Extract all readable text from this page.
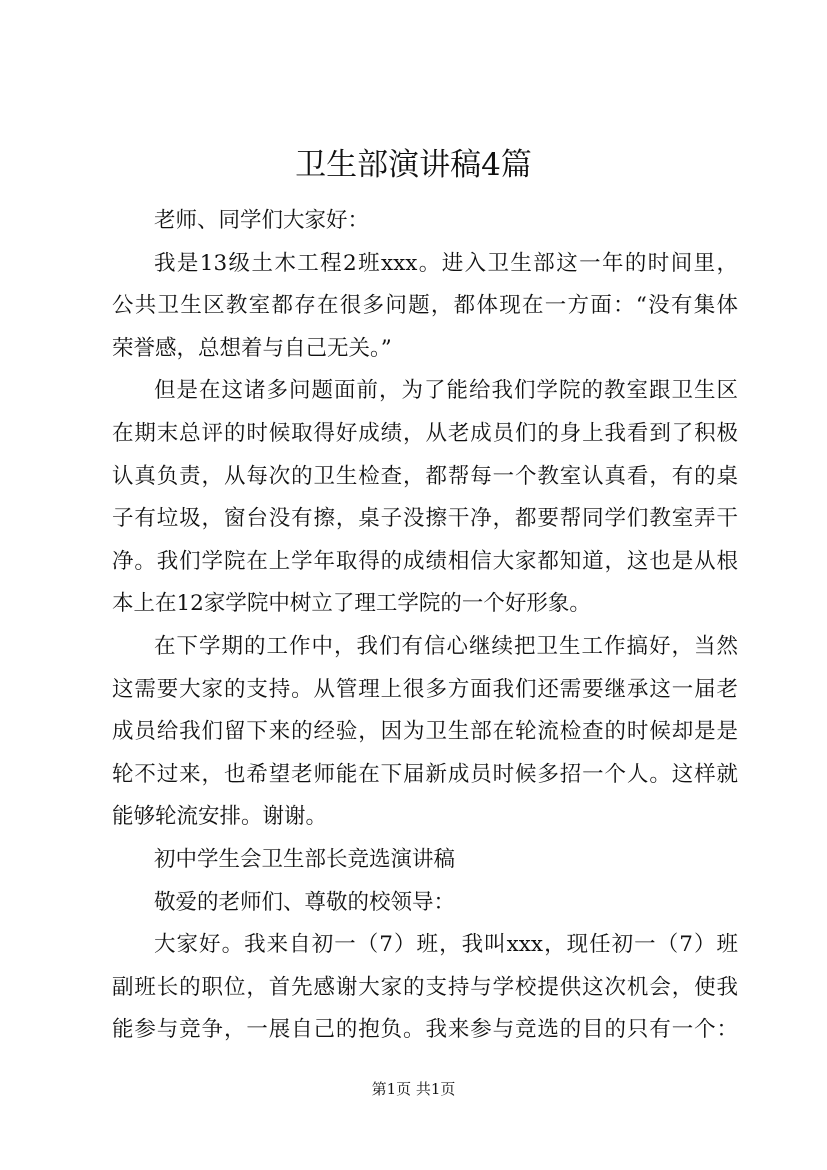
卫生部演讲稿4篇

老师、同学们大家好：

我是13级土木工程2班xxx。进入卫生部这一年的时间里，
公共卫生区教室都存在很多问题，都体现在一方面：“没有集体
荣誉感，总想着与自己无关。”

但是在这诸多问题面前，为了能给我们学院的教室跟卫生区
在期末总评的时候取得好成绩，从老成员们的身上我看到了积极
认真负责，从每次的卫生检查，都帮每一个教室认真看，有的桌
子有垃圾，窗台没有擦，桌子没擦干净，都要帮同学们教室弄干
净。我们学院在上学年取得的成绩相信大家都知道，这也是从根
本上在12家学院中树立了理工学院的一个好形象。

在下学期的工作中，我们有信心继续把卫生工作搞好，当然
这需要大家的支持。从管理上很多方面我们还需要继承这一届老
成员给我们留下来的经验，因为卫生部在轮流检查的时候却是是
轮不过来，也希望老师能在下届新成员时候多招一个人。这样就
能够轮流安排。谢谢。

初中学生会卫生部长竞选演讲稿

敬爱的老师们、尊敬的校领导：

大家好。我来自初一（7）班，我叫xxx，现任初一（7）班
副班长的职位，首先感谢大家的支持与学校提供这次机会，使我
能参与竞争，一展自己的抱负。我来参与竞选的目的只有一个：

第1页 共1页
